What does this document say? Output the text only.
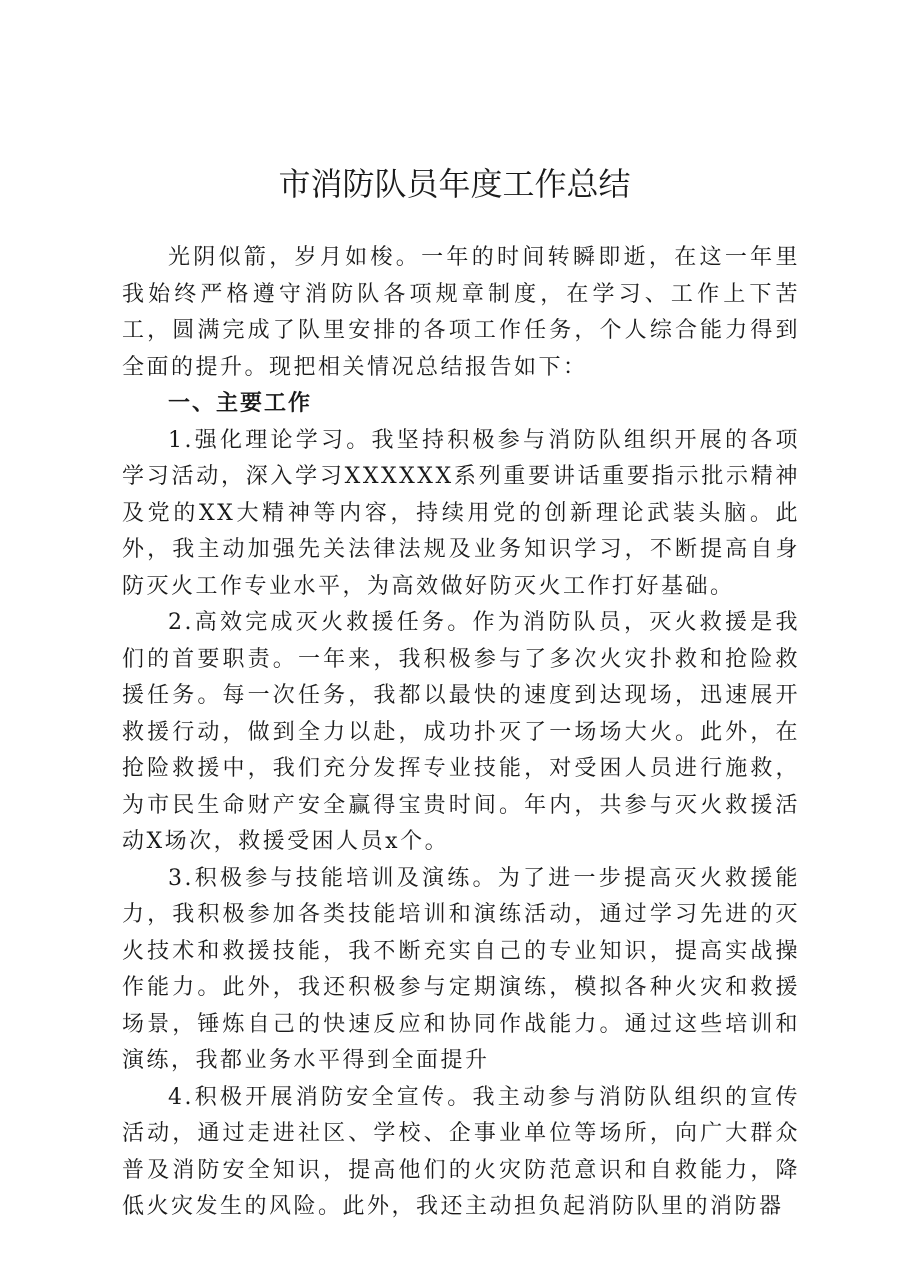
市消防队员年度工作总结

光阴似箭，岁月如梭。一年的时间转瞬即逝，在这一年里我始终严格遵守消防队各项规章制度，在学习、工作上下苦工，圆满完成了队里安排的各项工作任务，个人综合能力得到全面的提升。现把相关情况总结报告如下：

一、主要工作

1.强化理论学习。我坚持积极参与消防队组织开展的各项学习活动，深入学习XXXXXX系列重要讲话重要指示批示精神及党的XX大精神等内容，持续用党的创新理论武装头脑。此外，我主动加强先关法律法规及业务知识学习，不断提高自身防灭火工作专业水平，为高效做好防灭火工作打好基础。

2.高效完成灭火救援任务。作为消防队员，灭火救援是我们的首要职责。一年来，我积极参与了多次火灾扑救和抢险救援任务。每一次任务，我都以最快的速度到达现场，迅速展开救援行动，做到全力以赴，成功扑灭了一场场大火。此外，在抢险救援中，我们充分发挥专业技能，对受困人员进行施救，为市民生命财产安全赢得宝贵时间。年内，共参与灭火救援活动X场次，救援受困人员x个。

3.积极参与技能培训及演练。为了进一步提高灭火救援能力，我积极参加各类技能培训和演练活动，通过学习先进的灭火技术和救援技能，我不断充实自己的专业知识，提高实战操作能力。此外，我还积极参与定期演练，模拟各种火灾和救援场景，锤炼自己的快速反应和协同作战能力。通过这些培训和演练，我都业务水平得到全面提升

4.积极开展消防安全宣传。我主动参与消防队组织的宣传活动，通过走进社区、学校、企事业单位等场所，向广大群众普及消防安全知识，提高他们的火灾防范意识和自救能力，降低火灾发生的风险。此外，我还主动担负起消防队里的消防器
